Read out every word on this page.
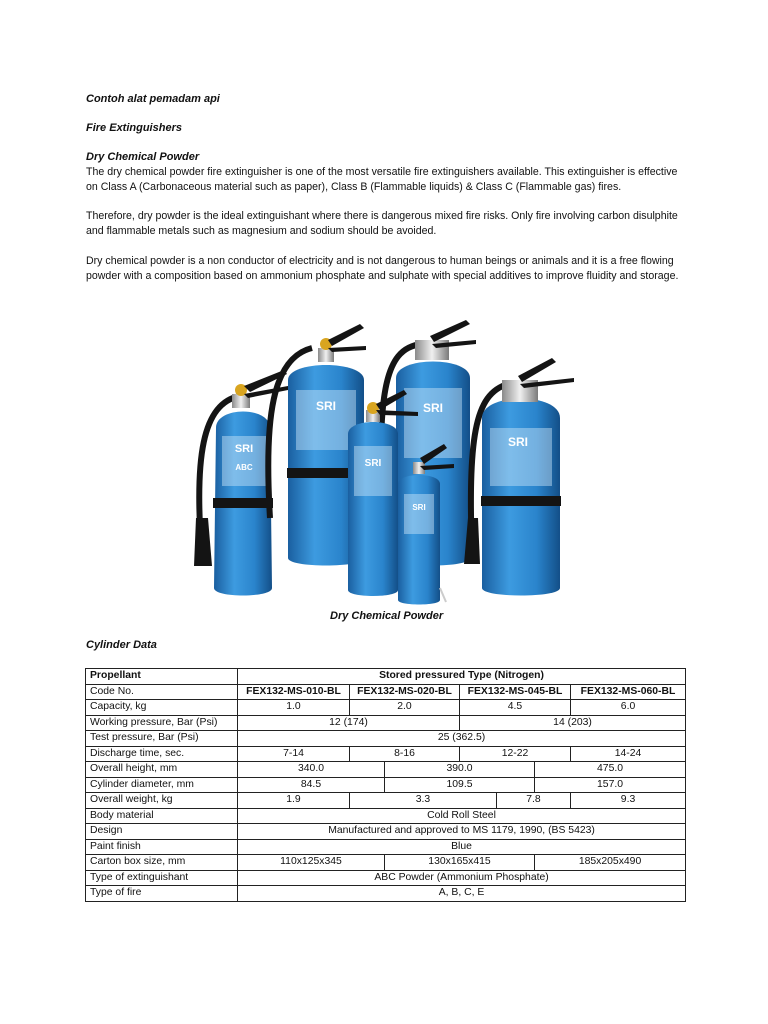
Contoh alat pemadam api
Fire Extinguishers
Dry Chemical Powder
The dry chemical powder fire extinguisher is one of the most versatile fire extinguishers available. This extinguisher is effective on Class A (Carbonaceous material such as paper), Class B (Flammable liquids) & Class C (Flammable gas) fires.
Therefore, dry powder is the ideal extinguishant where there is dangerous mixed fire risks. Only fire involving carbon disulphite and flammable metals such as magnesium and sodium should be avoided.
Dry chemical powder is a non conductor of electricity and is not dangerous to human beings or animals and it is a free flowing powder with a composition based on ammonium phosphate and sulphate with special additives to improve fluidity and storage.
SRI
ABC
SRI	SRI
SRI
SRI
SRI
Dry Chemical Powder
Cylinder Data
Propellant	Stored pressured Type (Nitrogen)						
Code No.	FEX132-MS-010-BL	FEX132-MS-020-BL		FEX132-MS-045-BL			FEX132-MS-060-BL
Capacity, kg	1.0	2.0		4.5			6.0
Working pressure, Bar (Psi)	12 (174)			14 (203)			
Test pressure, Bar (Psi)	25 (362.5)						
Discharge time, sec.	7-14	8-16		12-22			14-24
Overall height, mm	340.0		390.0			475.0	
Cylinder diameter, mm	84.5		109.5			157.0	
Overall weight, kg	1.9	3.3			7.8		9.3
Body material	Cold Roll Steel						
Design	Manufactured and approved to MS 1179, 1990, (BS 5423)						
Paint finish	Blue						
Carton box size, mm	110x125x345		130x165x415			185x205x490	
Type of extinguishant	ABC Powder (Ammonium Phosphate)						
Type of fire	A, B, C, E						
